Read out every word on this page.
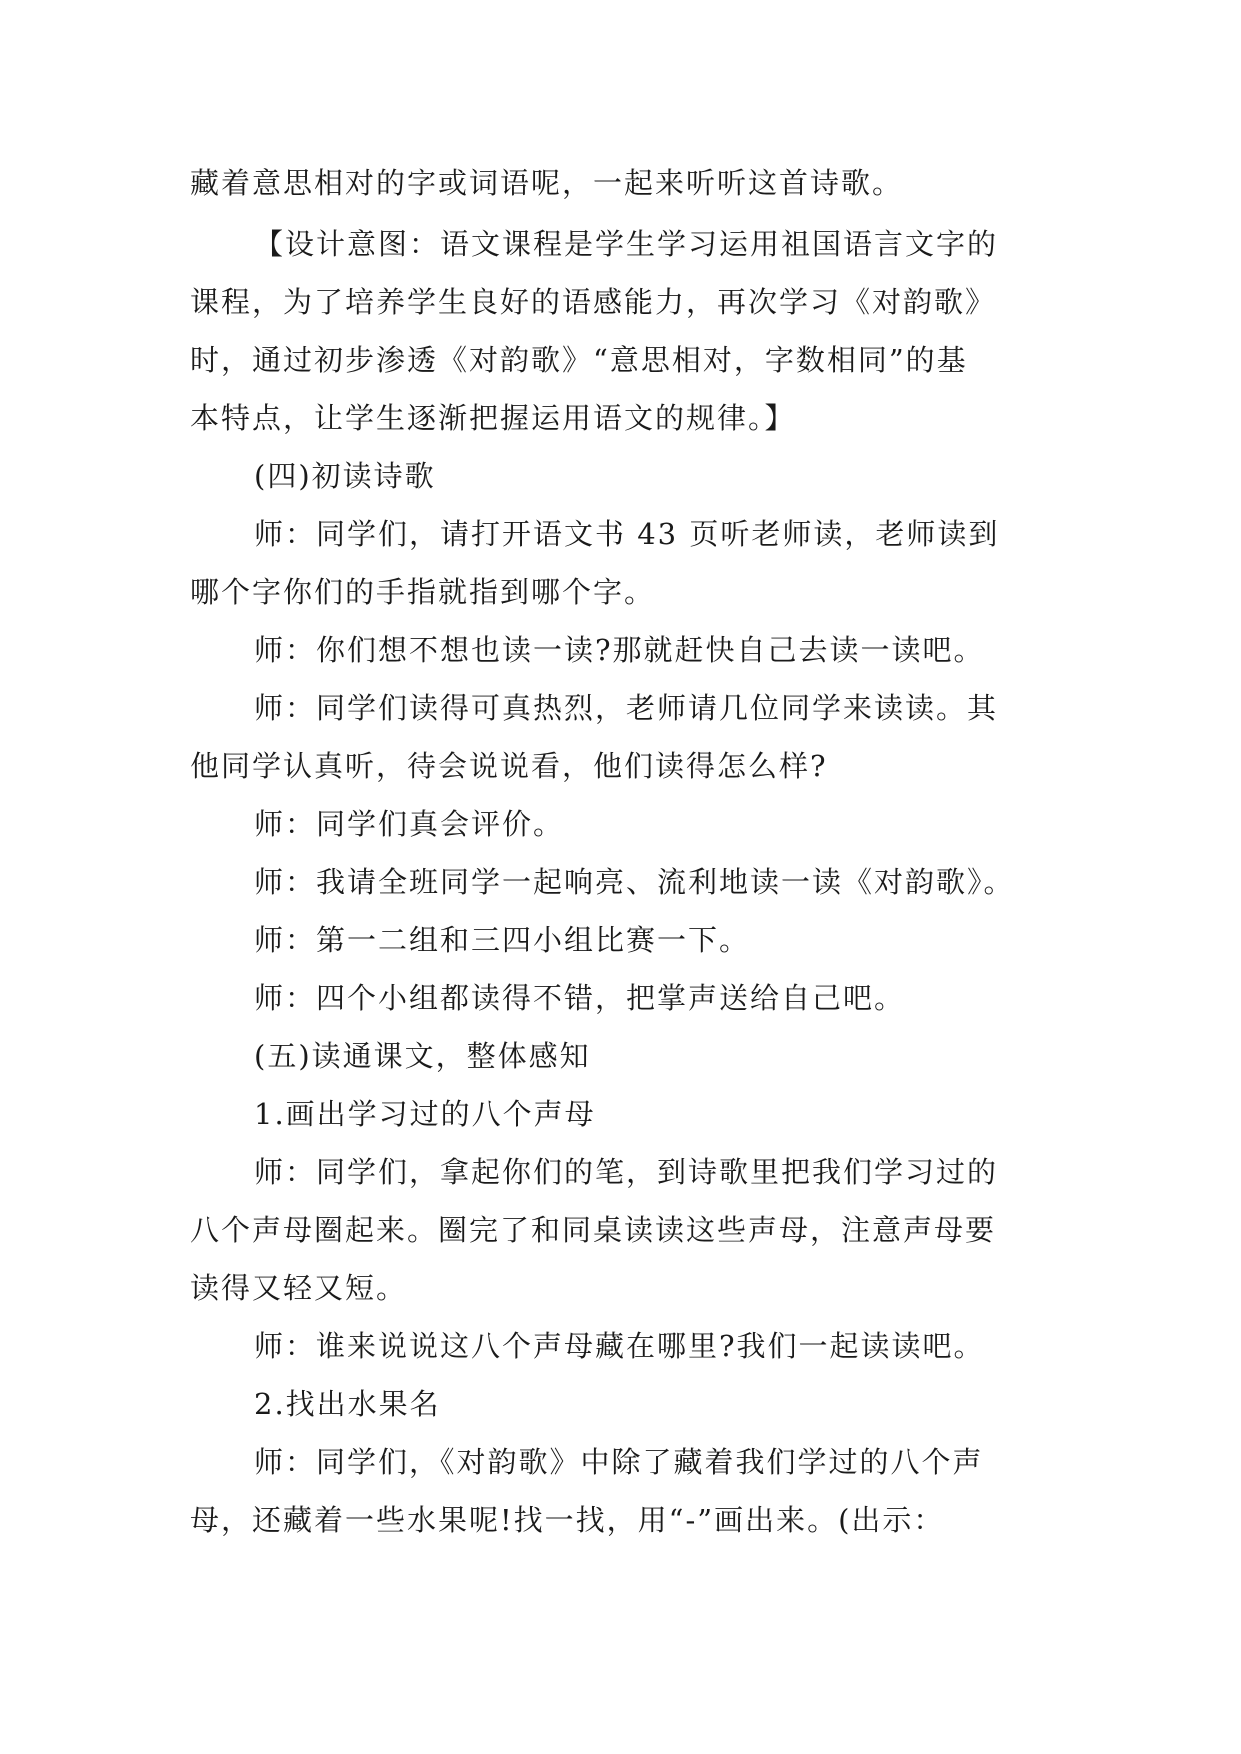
藏着意思相对的字或词语呢，一起来听听这首诗歌。
【设计意图：语文课程是学生学习运用祖国语言文字的
课程，为了培养学生良好的语感能力，再次学习《对韵歌》
时，通过初步渗透《对韵歌》“意思相对，字数相同”的基
本特点，让学生逐渐把握运用语文的规律。】
(四)初读诗歌
师：同学们，请打开语文书 43 页听老师读，老师读到
哪个字你们的手指就指到哪个字。
师：你们想不想也读一读?那就赶快自己去读一读吧。
师：同学们读得可真热烈，老师请几位同学来读读。其
他同学认真听，待会说说看，他们读得怎么样?
师：同学们真会评价。
师：我请全班同学一起响亮、流利地读一读《对韵歌》。
师：第一二组和三四小组比赛一下。
师：四个小组都读得不错，把掌声送给自己吧。
(五)读通课文，整体感知
1.画出学习过的八个声母
师：同学们，拿起你们的笔，到诗歌里把我们学习过的
八个声母圈起来。圈完了和同桌读读这些声母，注意声母要
读得又轻又短。
师：谁来说说这八个声母藏在哪里?我们一起读读吧。
2.找出水果名
师：同学们，《对韵歌》中除了藏着我们学过的八个声
母，还藏着一些水果呢!找一找，用“-”画出来。(出示：
